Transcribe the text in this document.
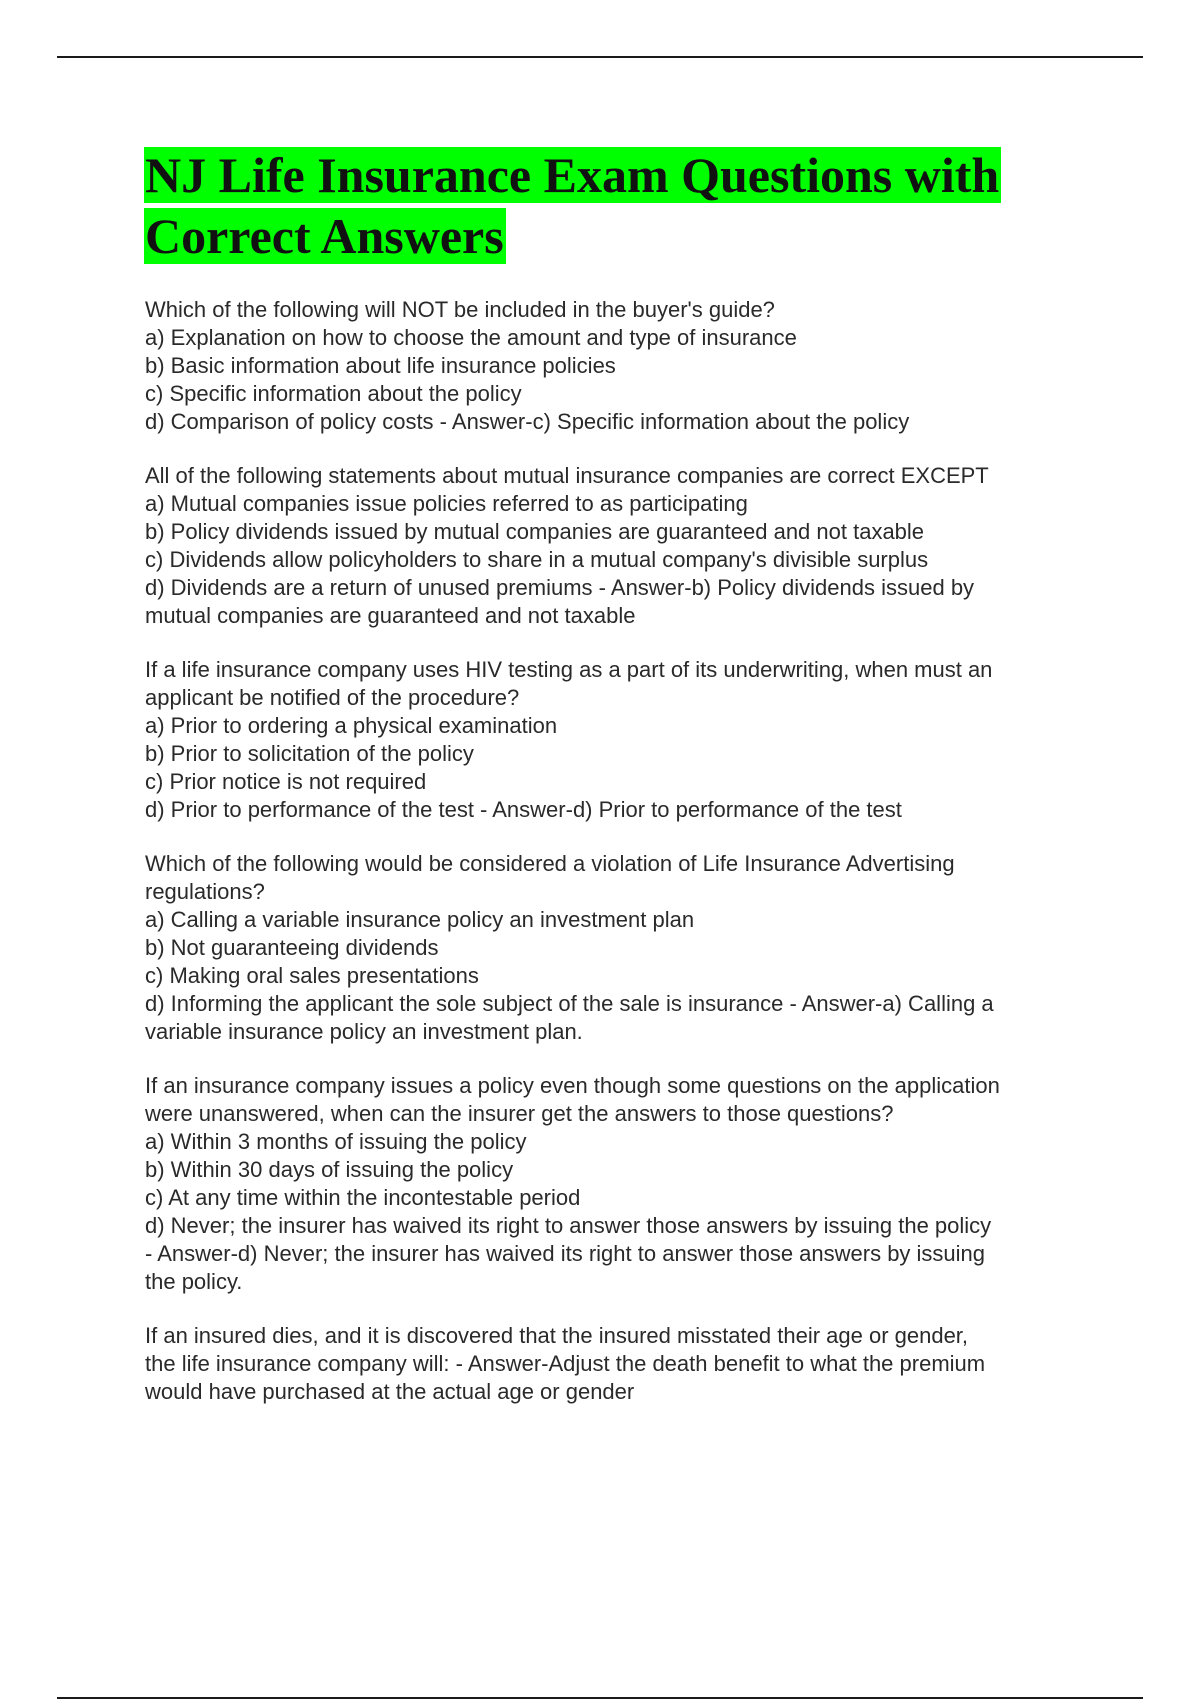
NJ Life Insurance Exam Questions with
Correct Answers
Which of the following will NOT be included in the buyer's guide?
a) Explanation on how to choose the amount and type of insurance
b) Basic information about life insurance policies
c) Specific information about the policy
d) Comparison of policy costs - Answer-c) Specific information about the policy
All of the following statements about mutual insurance companies are correct EXCEPT
a) Mutual companies issue policies referred to as participating
b) Policy dividends issued by mutual companies are guaranteed and not taxable
c) Dividends allow policyholders to share in a mutual company's divisible surplus
d) Dividends are a return of unused premiums - Answer-b) Policy dividends issued by
mutual companies are guaranteed and not taxable
If a life insurance company uses HIV testing as a part of its underwriting, when must an
applicant be notified of the procedure?
a) Prior to ordering a physical examination
b) Prior to solicitation of the policy
c) Prior notice is not required
d) Prior to performance of the test - Answer-d) Prior to performance of the test
Which of the following would be considered a violation of Life Insurance Advertising
regulations?
a) Calling a variable insurance policy an investment plan
b) Not guaranteeing dividends
c) Making oral sales presentations
d) Informing the applicant the sole subject of the sale is insurance - Answer-a) Calling a
variable insurance policy an investment plan.
If an insurance company issues a policy even though some questions on the application
were unanswered, when can the insurer get the answers to those questions?
a) Within 3 months of issuing the policy
b) Within 30 days of issuing the policy
c) At any time within the incontestable period
d) Never; the insurer has waived its right to answer those answers by issuing the policy
- Answer-d) Never; the insurer has waived its right to answer those answers by issuing
the policy.
If an insured dies, and it is discovered that the insured misstated their age or gender,
the life insurance company will: - Answer-Adjust the death benefit to what the premium
would have purchased at the actual age or gender
